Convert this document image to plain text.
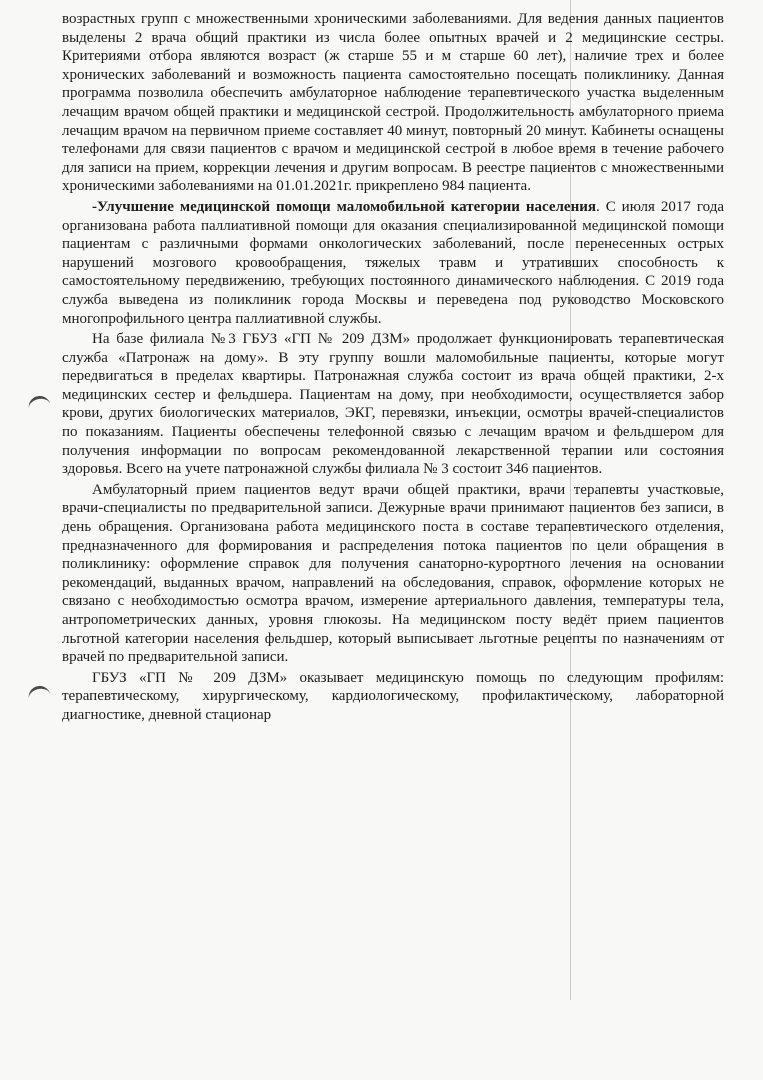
возрастных групп с множественными хроническими заболеваниями. Для ведения данных пациентов выделены 2 врача общий практики из числа более опытных врачей и 2 медицинские сестры. Критериями отбора являются возраст (ж старше 55 и м старше 60 лет), наличие трех и более хронических заболеваний и возможность пациента самостоятельно посещать поликлинику. Данная программа позволила обеспечить амбулаторное наблюдение терапевтического участка выделенным лечащим врачом общей практики и медицинской сестрой. Продолжительность амбулаторного приема лечащим врачом на первичном приеме составляет 40 минут, повторный 20 минут. Кабинеты оснащены телефонами для связи пациентов с врачом и медицинской сестрой в любое время в течение рабочего для записи на прием, коррекции лечения и другим вопросам. В реестре пациентов с множественными хроническими заболеваниями на 01.01.2021г. прикреплено 984 пациента.

-Улучшение медицинской помощи маломобильной категории населения. С июля 2017 года организована работа паллиативной помощи для оказания специализированной медицинской помощи пациентам с различными формами онкологических заболеваний, после перенесенных острых нарушений мозгового кровообращения, тяжелых травм и утративших способность к самостоятельному передвижению, требующих постоянного динамического наблюдения. С 2019 года служба выведена из поликлиник города Москвы и переведена под руководство Московского многопрофильного центра паллиативной службы.

На базе филиала №3 ГБУЗ «ГП № 209 ДЗМ» продолжает функционировать терапевтическая служба «Патронаж на дому». В эту группу вошли маломобильные пациенты, которые могут передвигаться в пределах квартиры. Патронажная служба состоит из врача общей практики, 2-х медицинских сестер и фельдшера. Пациентам на дому, при необходимости, осуществляется забор крови, других биологических материалов, ЭКГ, перевязки, инъекции, осмотры врачей-специалистов по показаниям. Пациенты обеспечены телефонной связью с лечащим врачом и фельдшером для получения информации по вопросам рекомендованной лекарственной терапии или состояния здоровья. Всего на учете патронажной службы филиала № 3 состоит 346 пациентов.

Амбулаторный прием пациентов ведут врачи общей практики, врачи терапевты участковые, врачи-специалисты по предварительной записи. Дежурные врачи принимают пациентов без записи, в день обращения. Организована работа медицинского поста в составе терапевтического отделения, предназначенного для формирования и распределения потока пациентов по цели обращения в поликлинику: оформление справок для получения санаторно-курортного лечения на основании рекомендаций, выданных врачом, направлений на обследования, справок, оформление которых не связано с необходимостью осмотра врачом, измерение артериального давления, температуры тела, антропометрических данных, уровня глюкозы. На медицинском посту ведёт прием пациентов льготной категории населения фельдшер, который выписывает льготные рецепты по назначениям от врачей по предварительной записи.

ГБУЗ «ГП № 209 ДЗМ» оказывает медицинскую помощь по следующим профилям: терапевтическому, хирургическому, кардиологическому, профилактическому, лабораторной диагностике, дневной стационар
